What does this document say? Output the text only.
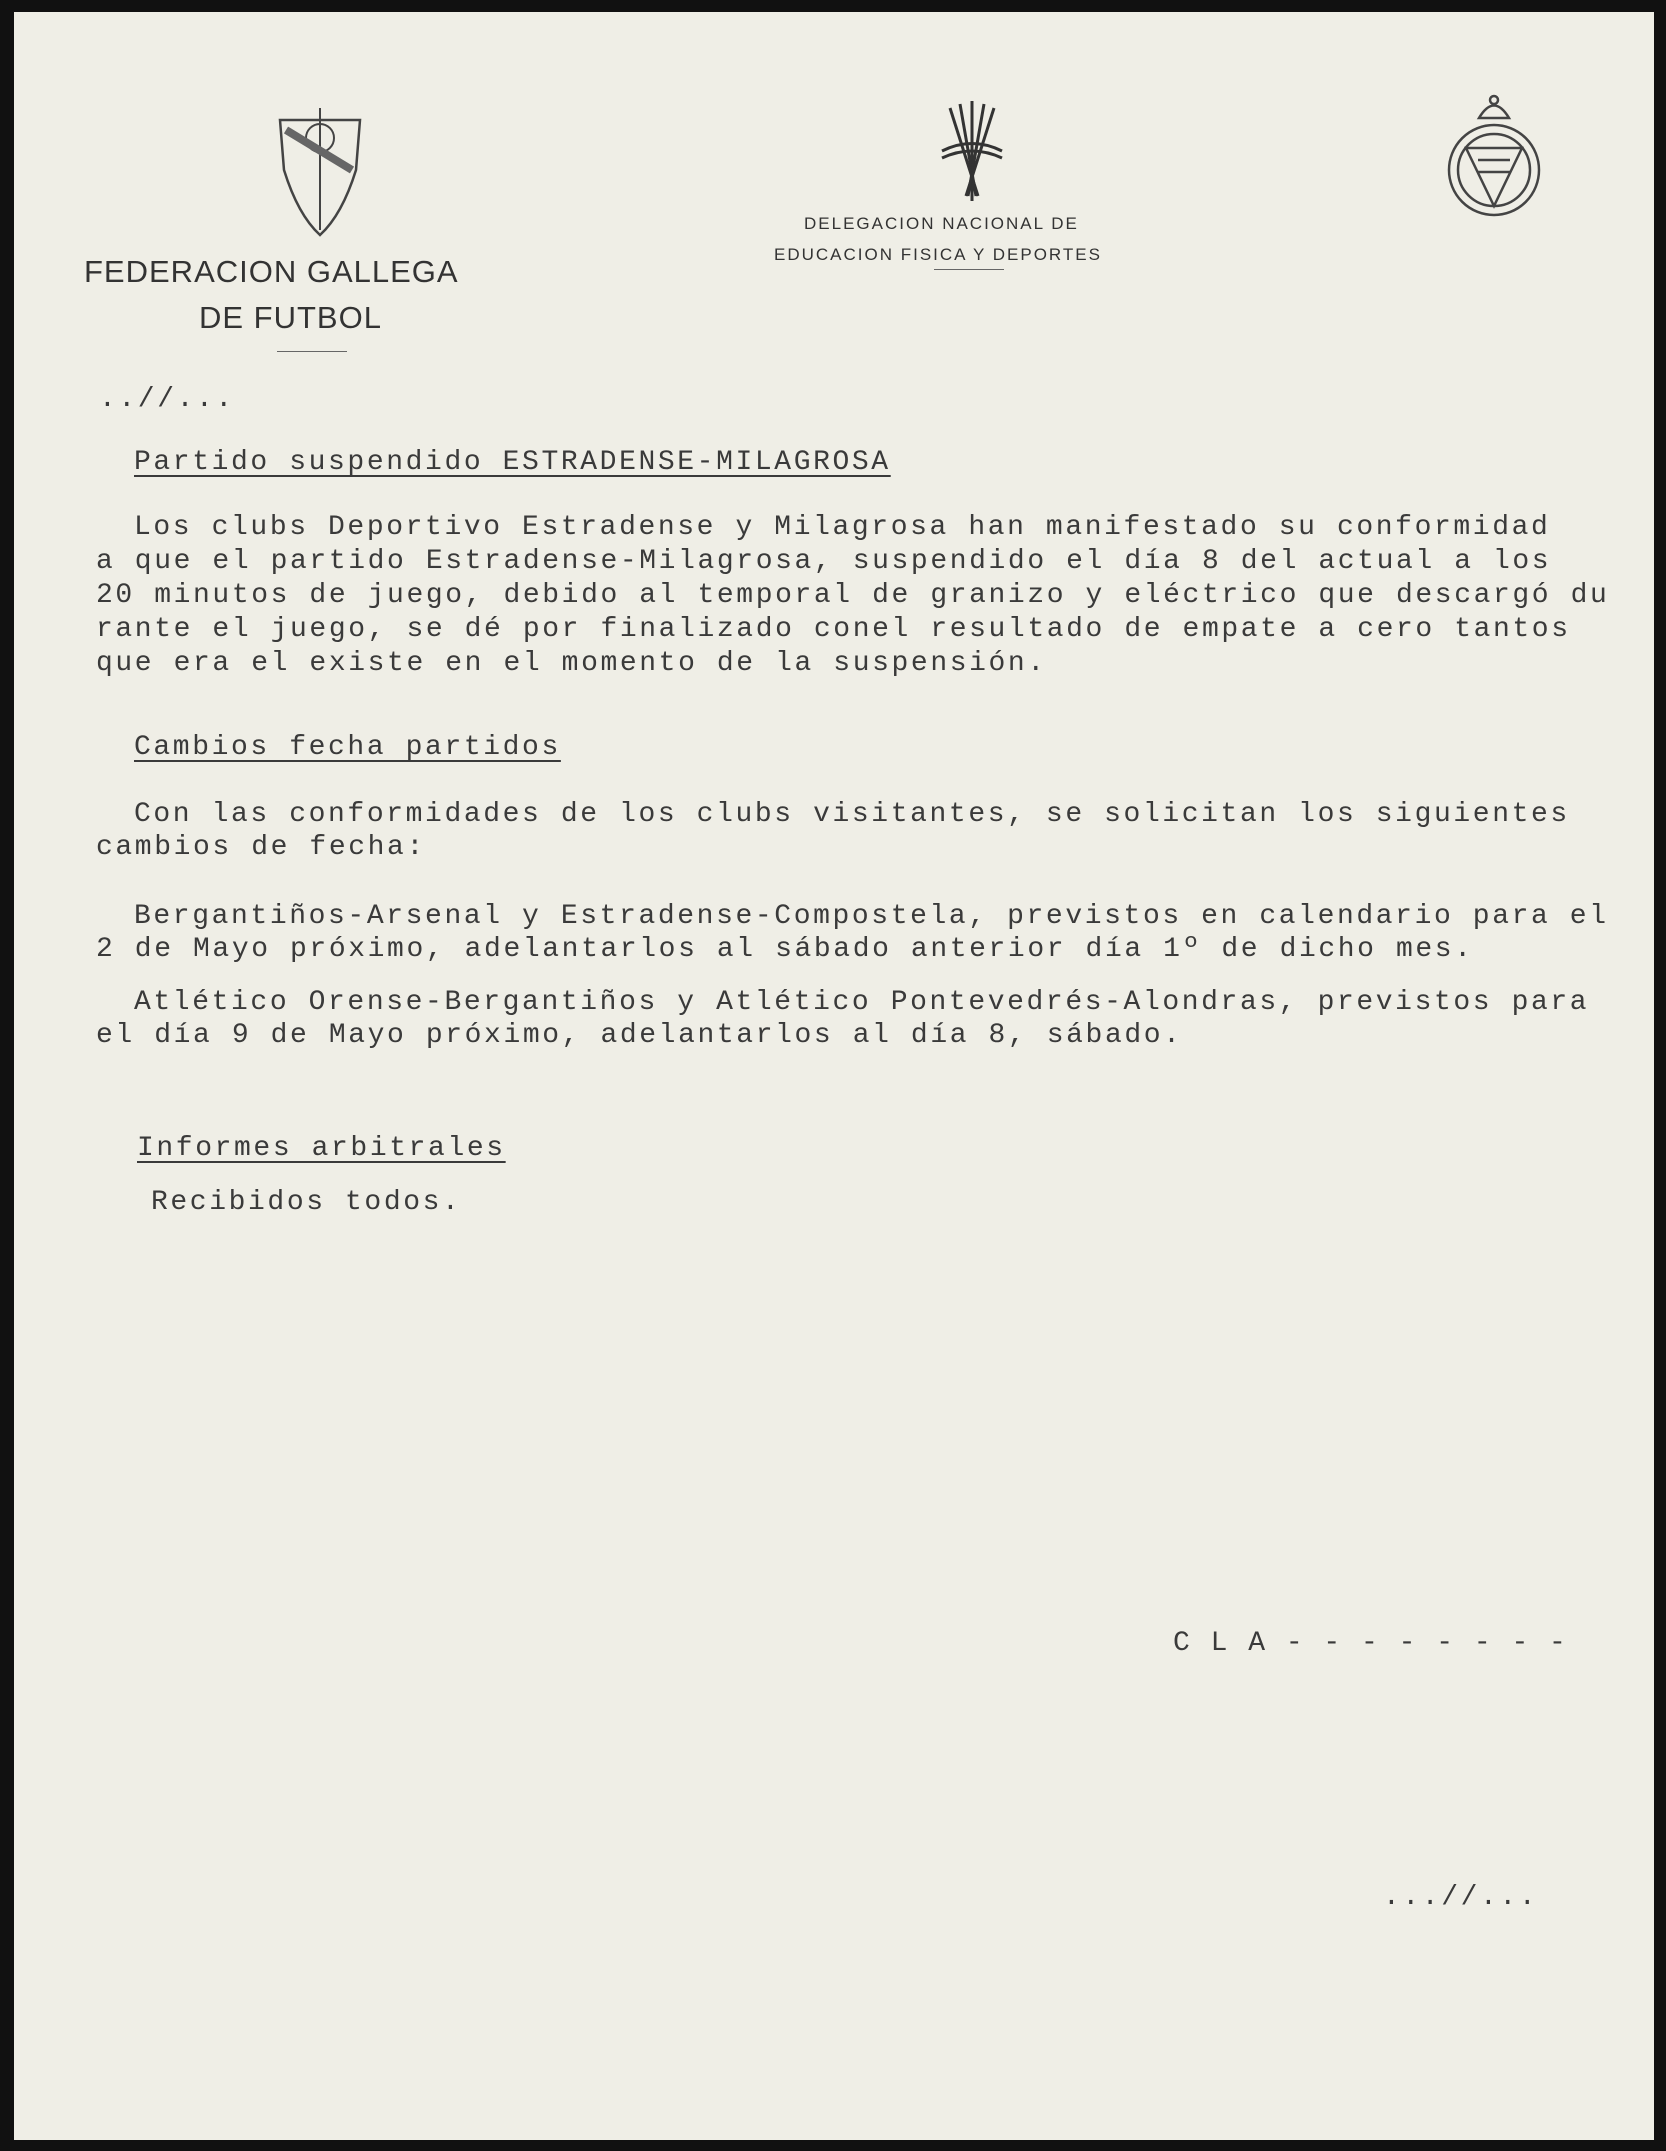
FEDERACION GALLEGA
DE FUTBOL
DELEGACION NACIONAL DE
EDUCACION FISICA Y DEPORTES
..//...
Partido suspendido ESTRADENSE-MILAGROSA
Los clubs Deportivo Estradense y Milagrosa han manifestado su conformidad
a que el partido Estradense-Milagrosa, suspendido el día 8 del actual a los
20 minutos de juego, debido al temporal de granizo y eléctrico que descargó du
rante el juego, se dé por finalizado conel resultado de empate a cero tantos
que era el existe en el momento de la suspensión.
Cambios fecha partidos
Con las conformidades de los clubs visitantes, se solicitan los siguientes
cambios de fecha:
Bergantiños-Arsenal y Estradense-Compostela, previstos en calendario para el
2 de Mayo próximo, adelantarlos al sábado anterior día 1º de dicho mes.
Atlético Orense-Bergantiños y Atlético Pontevedrés-Alondras, previstos para
el día 9 de Mayo próximo, adelantarlos al día 8, sábado.
Informes arbitrales
Recibidos todos.
C L A - - - - - - - -
...//...
